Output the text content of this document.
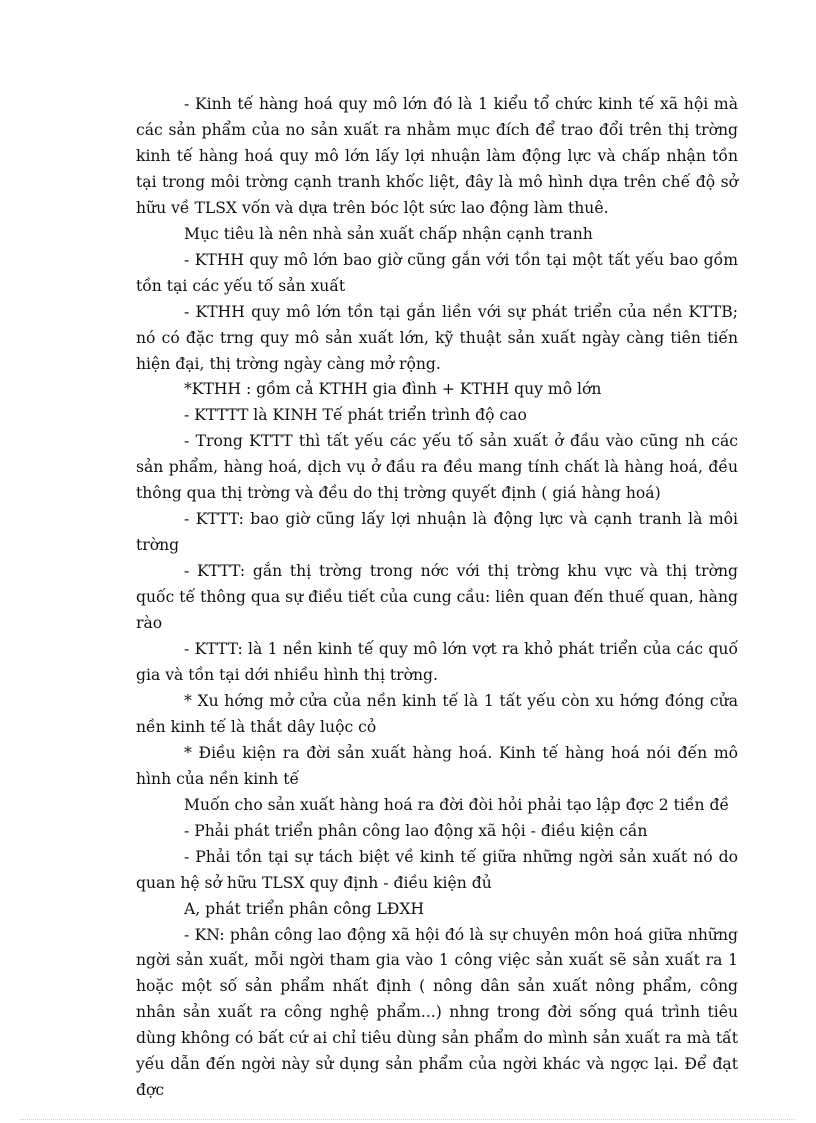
- Kinh tế hàng hoá quy mô lớn đó là 1 kiểu tổ chức kinh tế xã hội mà các sản phẩm của no sản xuất ra nhằm mục đích để trao đổi trên thị trờng kinh tế hàng hoá quy mô lớn lấy lợi nhuận làm động lực và chấp nhận tồn tại trong môi trờng cạnh tranh khốc liệt, đây là mô hình dựa trên chế độ sở hữu về TLSX vốn và dựa trên bóc lột sức lao động làm thuê.

Mục tiêu là nên nhà sản xuất chấp nhận cạnh tranh

- KTHH quy mô lớn bao giờ cũng gắn với tồn tại một tất yếu bao gồm tồn tại các yếu tố sản xuất

- KTHH quy mô lớn tồn tại gắn liền với sự phát triển của nền KTTB; nó có đặc trng quy mô sản xuất lớn, kỹ thuật sản xuất ngày càng tiên tiến hiện đại, thị trờng ngày càng mở rộng.

*KTHH : gồm cả KTHH gia đình + KTHH quy mô lớn

- KTTTT là KINH Tế phát triển trình độ cao

- Trong KTTT thì tất yếu các yếu tố sản xuất ở đầu vào cũng nh các sản phẩm, hàng hoá, dịch vụ ở đầu ra đều mang tính chất là hàng hoá, đều thông qua thị trờng và đều do thị trờng quyết định ( giá hàng hoá)

- KTTT: bao giờ cũng lấy lợi nhuận là động lực và cạnh tranh là môi trờng

- KTTT: gắn thị trờng trong nớc với thị trờng khu vực và thị trờng quốc tế thông qua sự điều tiết của cung cầu: liên quan đến thuế quan, hàng rào

- KTTT: là 1 nền kinh tế quy mô lớn vợt ra khỏ phát triển của các quố gia và tồn tại dới nhiều hình thị trờng.

* Xu hớng mở cửa của nền kinh tế là 1 tất yếu còn xu hớng đóng cửa nền kinh tế là thắt dây luộc cỏ

* Điều kiện ra đời sản xuất hàng hoá. Kinh tế hàng hoá nói đến mô hình của nền kinh tế

Muốn cho sản xuất hàng hoá ra đời đòi hỏi phải tạo lập đợc 2 tiền đề

- Phải phát triển phân công lao động xã hội - điều kiện cần

- Phải tồn tại sự tách biệt về kinh tế giữa những ngời sản xuất nó do quan hệ sở hữu TLSX quy định - điều kiện đủ

A, phát triển phân công LĐXH

- KN: phân công lao động xã hội đó là sự chuyên môn hoá giữa những ngời sản xuất, mỗi ngời tham gia vào 1 công việc sản xuất sẽ sản xuất ra 1 hoặc một số sản phẩm nhất định ( nông dân sản xuất nông phẩm, công nhân sản xuất ra công nghệ phẩm...) nhng trong đời sống quá trình tiêu dùng không có bất cứ ai chỉ tiêu dùng sản phẩm do mình sản xuất ra mà tất yếu dẫn đến ngời này sử dụng sản phẩm của ngời khác và ngợc lại. Để đạt đợc
